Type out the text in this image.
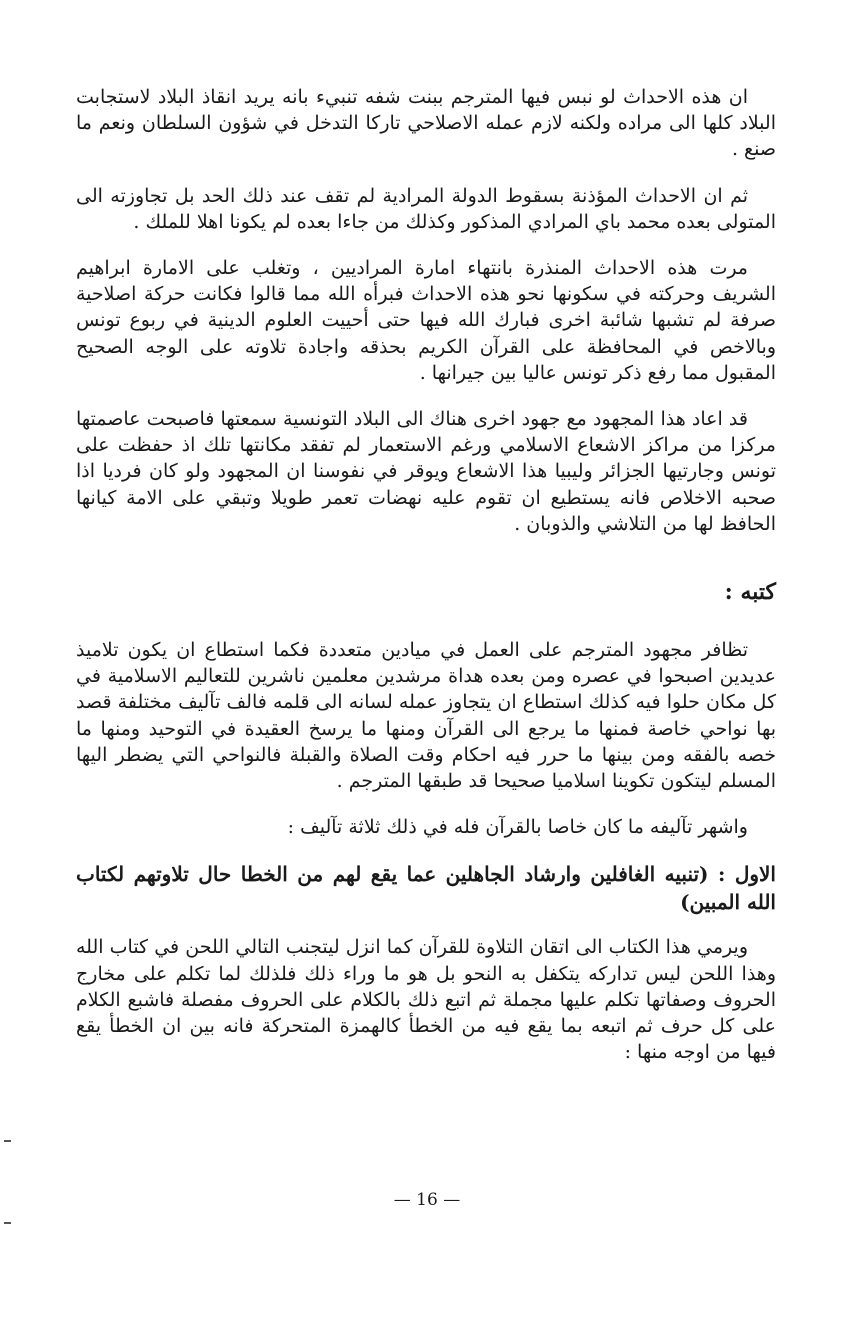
ان هذه الاحداث لو نبس فيها المترجم ببنت شفه تنبيء بانه يريد انقاذ البلاد لاستجابت البلاد كلها الى مراده ولكنه لازم عمله الاصلاحي تاركا التدخل في شؤون السلطان ونعم ما صنع .

ثم ان الاحداث المؤذنة بسقوط الدولة المرادية لم تقف عند ذلك الحد بل تجاوزته الى المتولى بعده محمد باي المرادي المذكور وكذلك من جاءا بعده لم يكونا اهلا للملك .

مرت هذه الاحداث المنذرة بانتهاء امارة المراديين ، وتغلب على الامارة ابراهيم الشريف وحركته في سكونها نحو هذه الاحداث فبرأه الله مما قالوا فكانت حركة اصلاحية صرفة لم تشبها شائبة اخرى فبارك الله فيها حتى أحييت العلوم الدينية في ربوع تونس وبالاخص في المحافظة على القرآن الكريم بحذقه واجادة تلاوته على الوجه الصحيح المقبول مما رفع ذكر تونس عاليا بين جيرانها .

قد اعاد هذا المجهود مع جهود اخرى هناك الى البلاد التونسية سمعتها فاصبحت عاصمتها مركزا من مراكز الاشعاع الاسلامي ورغم الاستعمار لم تفقد مكانتها تلك اذ حفظت على تونس وجارتيها الجزائر وليبيا هذا الاشعاع ويوقر في نفوسنا ان المجهود ولو كان فرديا اذا صحبه الاخلاص فانه يستطيع ان تقوم عليه نهضات تعمر طويلا وتبقي على الامة كيانها الحافظ لها من التلاشي والذوبان .

كتبه :

تظافر مجهود المترجم على العمل في ميادين متعددة فكما استطاع ان يكون تلاميذ عديدين اصبحوا في عصره ومن بعده هداة مرشدين معلمين ناشرين للتعاليم الاسلامية في كل مكان حلوا فيه كذلك استطاع ان يتجاوز عمله لسانه الى قلمه فالف تآليف مختلفة قصد بها نواحي خاصة فمنها ما يرجع الى القرآن ومنها ما يرسخ العقيدة في التوحيد ومنها ما خصه بالفقه ومن بينها ما حرر فيه احكام وقت الصلاة والقبلة فالنواحي التي يضطر اليها المسلم ليتكون تكوينا اسلاميا صحيحا قد طبقها المترجم .

واشهر تآليفه ما كان خاصا بالقرآن فله في ذلك ثلاثة تآليف :

الاول : (تنبيه الغافلين وارشاد الجاهلين عما يقع لهم من الخطا حال تلاوتهم لكتاب الله المبين)

ويرمي هذا الكتاب الى اتقان التلاوة للقرآن كما انزل ليتجنب التالي اللحن في كتاب الله وهذا اللحن ليس تداركه يتكفل به النحو بل هو ما وراء ذلك فلذلك لما تكلم على مخارج الحروف وصفاتها تكلم عليها مجملة ثم اتبع ذلك بالكلام على الحروف مفصلة فاشبع الكلام على كل حرف ثم اتبعه بما يقع فيه من الخطأ كالهمزة المتحركة فانه بين ان الخطأ يقع فيها من اوجه منها :

— 16 —
